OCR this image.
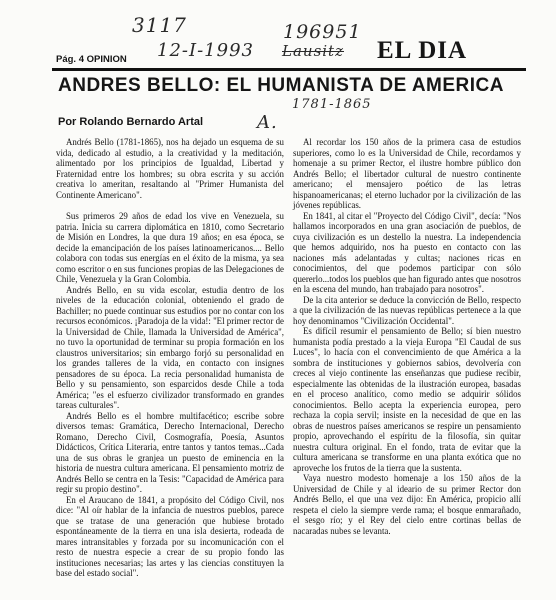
3117
12-I-1993
196951
Lausitz
Pág. 4 OPINION	EL DIA
ANDRES BELLO: EL HUMANISTA DE AMERICA
1781-1865
Por Rolando Bernardo Artal	A.

Andrés Bello (1781-1865), nos ha dejado un esquema de su vida, dedicado al estudio, a la creatividad y la meditación, alimentado por los principios de Igualdad, Libertad y Fraternidad entre los hombres; su obra escrita y su acción creativa lo ameritan, resaltando al "Primer Humanista del Continente Americano".

Sus primeros 29 años de edad los vive en Venezuela, su patria. Inicia su carrera diplomática en 1810, como Secretario de Misión en Londres, la que dura 19 años; en esa época, se decide la emancipación de los países latinoamericanos.... Bello colabora con todas sus energías en el éxito de la misma, ya sea como escritor o en sus funciones propias de las Delegaciones de Chile, Venezuela y la Gran Colombia.

Andrés Bello, en su vida escolar, estudia dentro de los niveles de la educación colonial, obteniendo el grado de Bachiller; no puede continuar sus estudios por no contar con los recursos económicos. ¡Paradoja de la vida!: "El primer rector de la Universidad de Chile, llamada la Universidad de América", no tuvo la oportunidad de terminar su propia formación en los claustros universitarios; sin embargo forjó su personalidad en los grandes talleres de la vida, en contacto con insignes pensadores de su época. La recia personalidad humanista de Bello y su pensamiento, son esparcidos desde Chile a toda América; "es el esfuerzo civilizador transformado en grandes tareas culturales".

Andrés Bello es el hombre multifacético; escribe sobre diversos temas: Gramática, Derecho Internacional, Derecho Romano, Derecho Civil, Cosmografía, Poesía, Asuntos Didácticos, Crítica Literaria, entre tantos y tantos temas...Cada una de sus obras le granjea un puesto de eminencia en la historia de nuestra cultura americana. El pensamiento motriz de Andrés Bello se centra en la Tesis: "Capacidad de América para regir su propio destino".

En el Araucano de 1841, a propósito del Código Civil, nos dice: "Al oír hablar de la infancia de nuestros pueblos, parece que se tratase de una generación que hubiese brotado espontáneamente de la tierra en una isla desierta, rodeada de mares intransitables y forzada por su incomunicación con el resto de nuestra especie a crear de su propio fondo las instituciones necesarias; las artes y las ciencias constituyen la base del estado social".

Al recordar los 150 años de la primera casa de estudios superiores, como lo es la Universidad de Chile, recordamos y homenaje a su primer Rector, el ilustre hombre público don Andrés Bello; el libertador cultural de nuestro continente americano; el mensajero poético de las letras hispanoamericanas; el eterno luchador por la civilización de las jóvenes repúblicas.

En 1841, al citar el "Proyecto del Código Civil", decía: "Nos hallamos incorporados en una gran asociación de pueblos, de cuya civilización es un destello la nuestra. La independencia que hemos adquirido, nos ha puesto en contacto con las naciones más adelantadas y cultas; naciones ricas en conocimientos, del que podemos participar con sólo quererlo...todos los pueblos que han figurado antes que nosotros en la escena del mundo, han trabajado para nosotros".

De la cita anterior se deduce la convicción de Bello, respecto a que la civilización de las nuevas repúblicas pertenece a la que hoy denominamos "Civilización Occidental".

Es difícil resumir el pensamiento de Bello; sí bien nuestro humanista podía prestado a la vieja Europa "El Caudal de sus Luces", lo hacía con el convencimiento de que América a la sombra de instituciones y gobiernos sabios, devolvería con creces al viejo continente las enseñanzas que pudiese recibir, especialmente las obtenidas de la ilustración europea, basadas en el proceso analítico, como medio se adquirir sólidos conocimientos. Bello acepta la experiencia europea, pero rechaza la copia servil; insiste en la necesidad de que en las obras de nuestros países americanos se respire un pensamiento propio, aprovechando el espíritu de la filosofía, sin quitar nuestra cultura original. En el fondo, trata de evitar que la cultura americana se transforme en una planta exótica que no aproveche los frutos de la tierra que la sustenta.

Vaya nuestro modesto homenaje a los 150 años de la Universidad de Chile y al ideario de su primer Rector don Andrés Bello, el que una vez dijo: En América, propicio allí respeta el cielo la siempre verde rama; el bosque enmarañado, el sesgo río; y el Rey del cielo entre cortinas bellas de nacaradas nubes se levanta.
